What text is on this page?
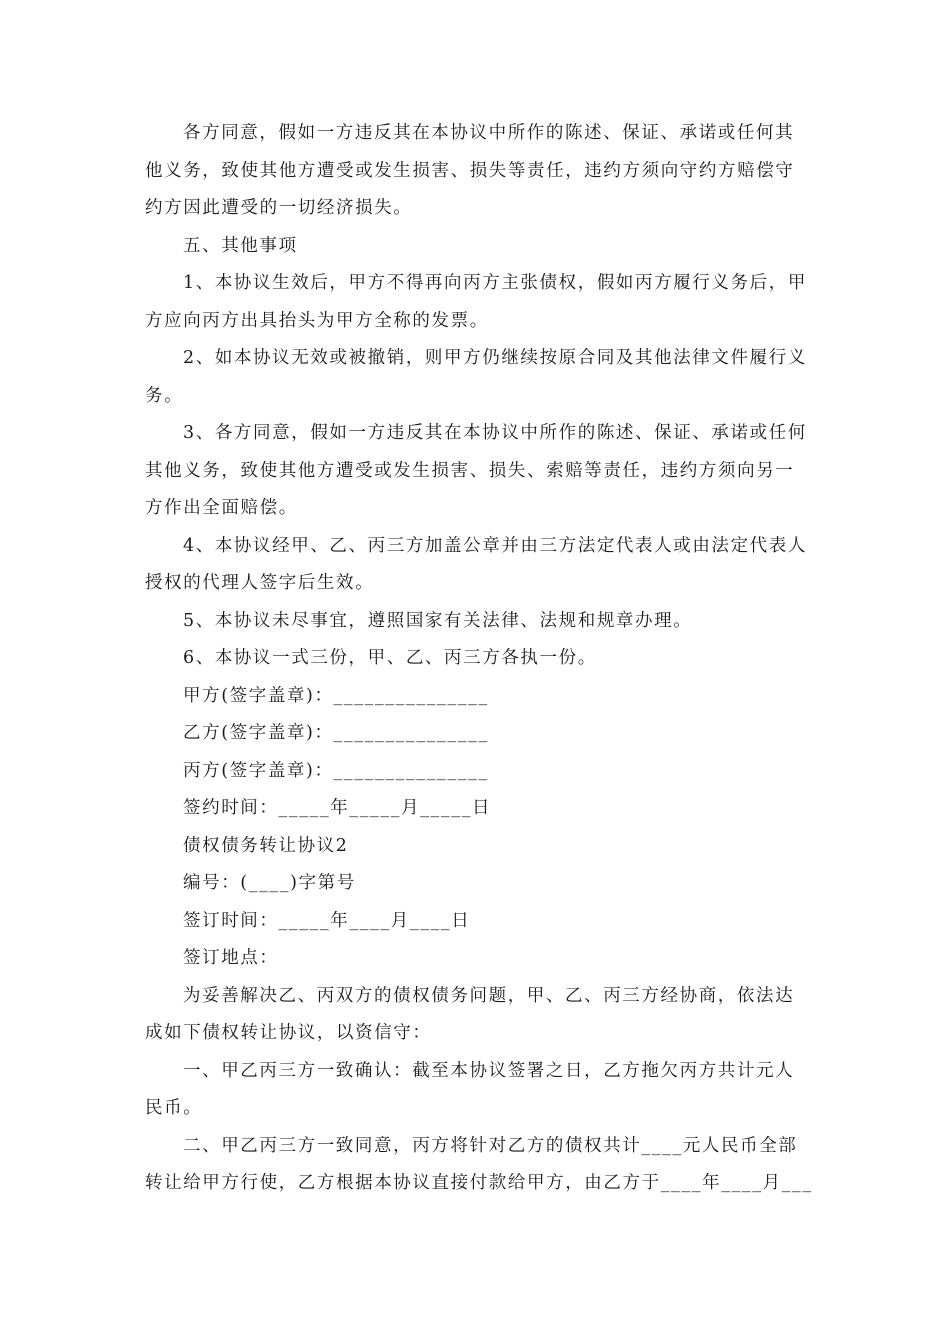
各方同意，假如一方违反其在本协议中所作的陈述、保证、承诺或任何其
他义务，致使其他方遭受或发生损害、损失等责任，违约方须向守约方赔偿守
约方因此遭受的一切经济损失。
五、其他事项
1、本协议生效后，甲方不得再向丙方主张债权，假如丙方履行义务后，甲
方应向丙方出具抬头为甲方全称的发票。
2、如本协议无效或被撤销，则甲方仍继续按原合同及其他法律文件履行义
务。
3、各方同意，假如一方违反其在本协议中所作的陈述、保证、承诺或任何
其他义务，致使其他方遭受或发生损害、损失、索赔等责任，违约方须向另一
方作出全面赔偿。
4、本协议经甲、乙、丙三方加盖公章并由三方法定代表人或由法定代表人
授权的代理人签字后生效。
5、本协议未尽事宜，遵照国家有关法律、法规和规章办理。
6、本协议一式三份，甲、乙、丙三方各执一份。
甲方(签字盖章)：_______________
乙方(签字盖章)：_______________
丙方(签字盖章)：_______________
签约时间：_____年_____月_____日
债权债务转让协议2
编号：(____)字第号
签订时间：_____年____月____日
签订地点：
为妥善解决乙、丙双方的债权债务问题，甲、乙、丙三方经协商，依法达
成如下债权转让协议，以资信守：
一、甲乙丙三方一致确认：截至本协议签署之日，乙方拖欠丙方共计元人
民币。
二、甲乙丙三方一致同意，丙方将针对乙方的债权共计____元人民币全部
转让给甲方行使，乙方根据本协议直接付款给甲方，由乙方于____年____月___
